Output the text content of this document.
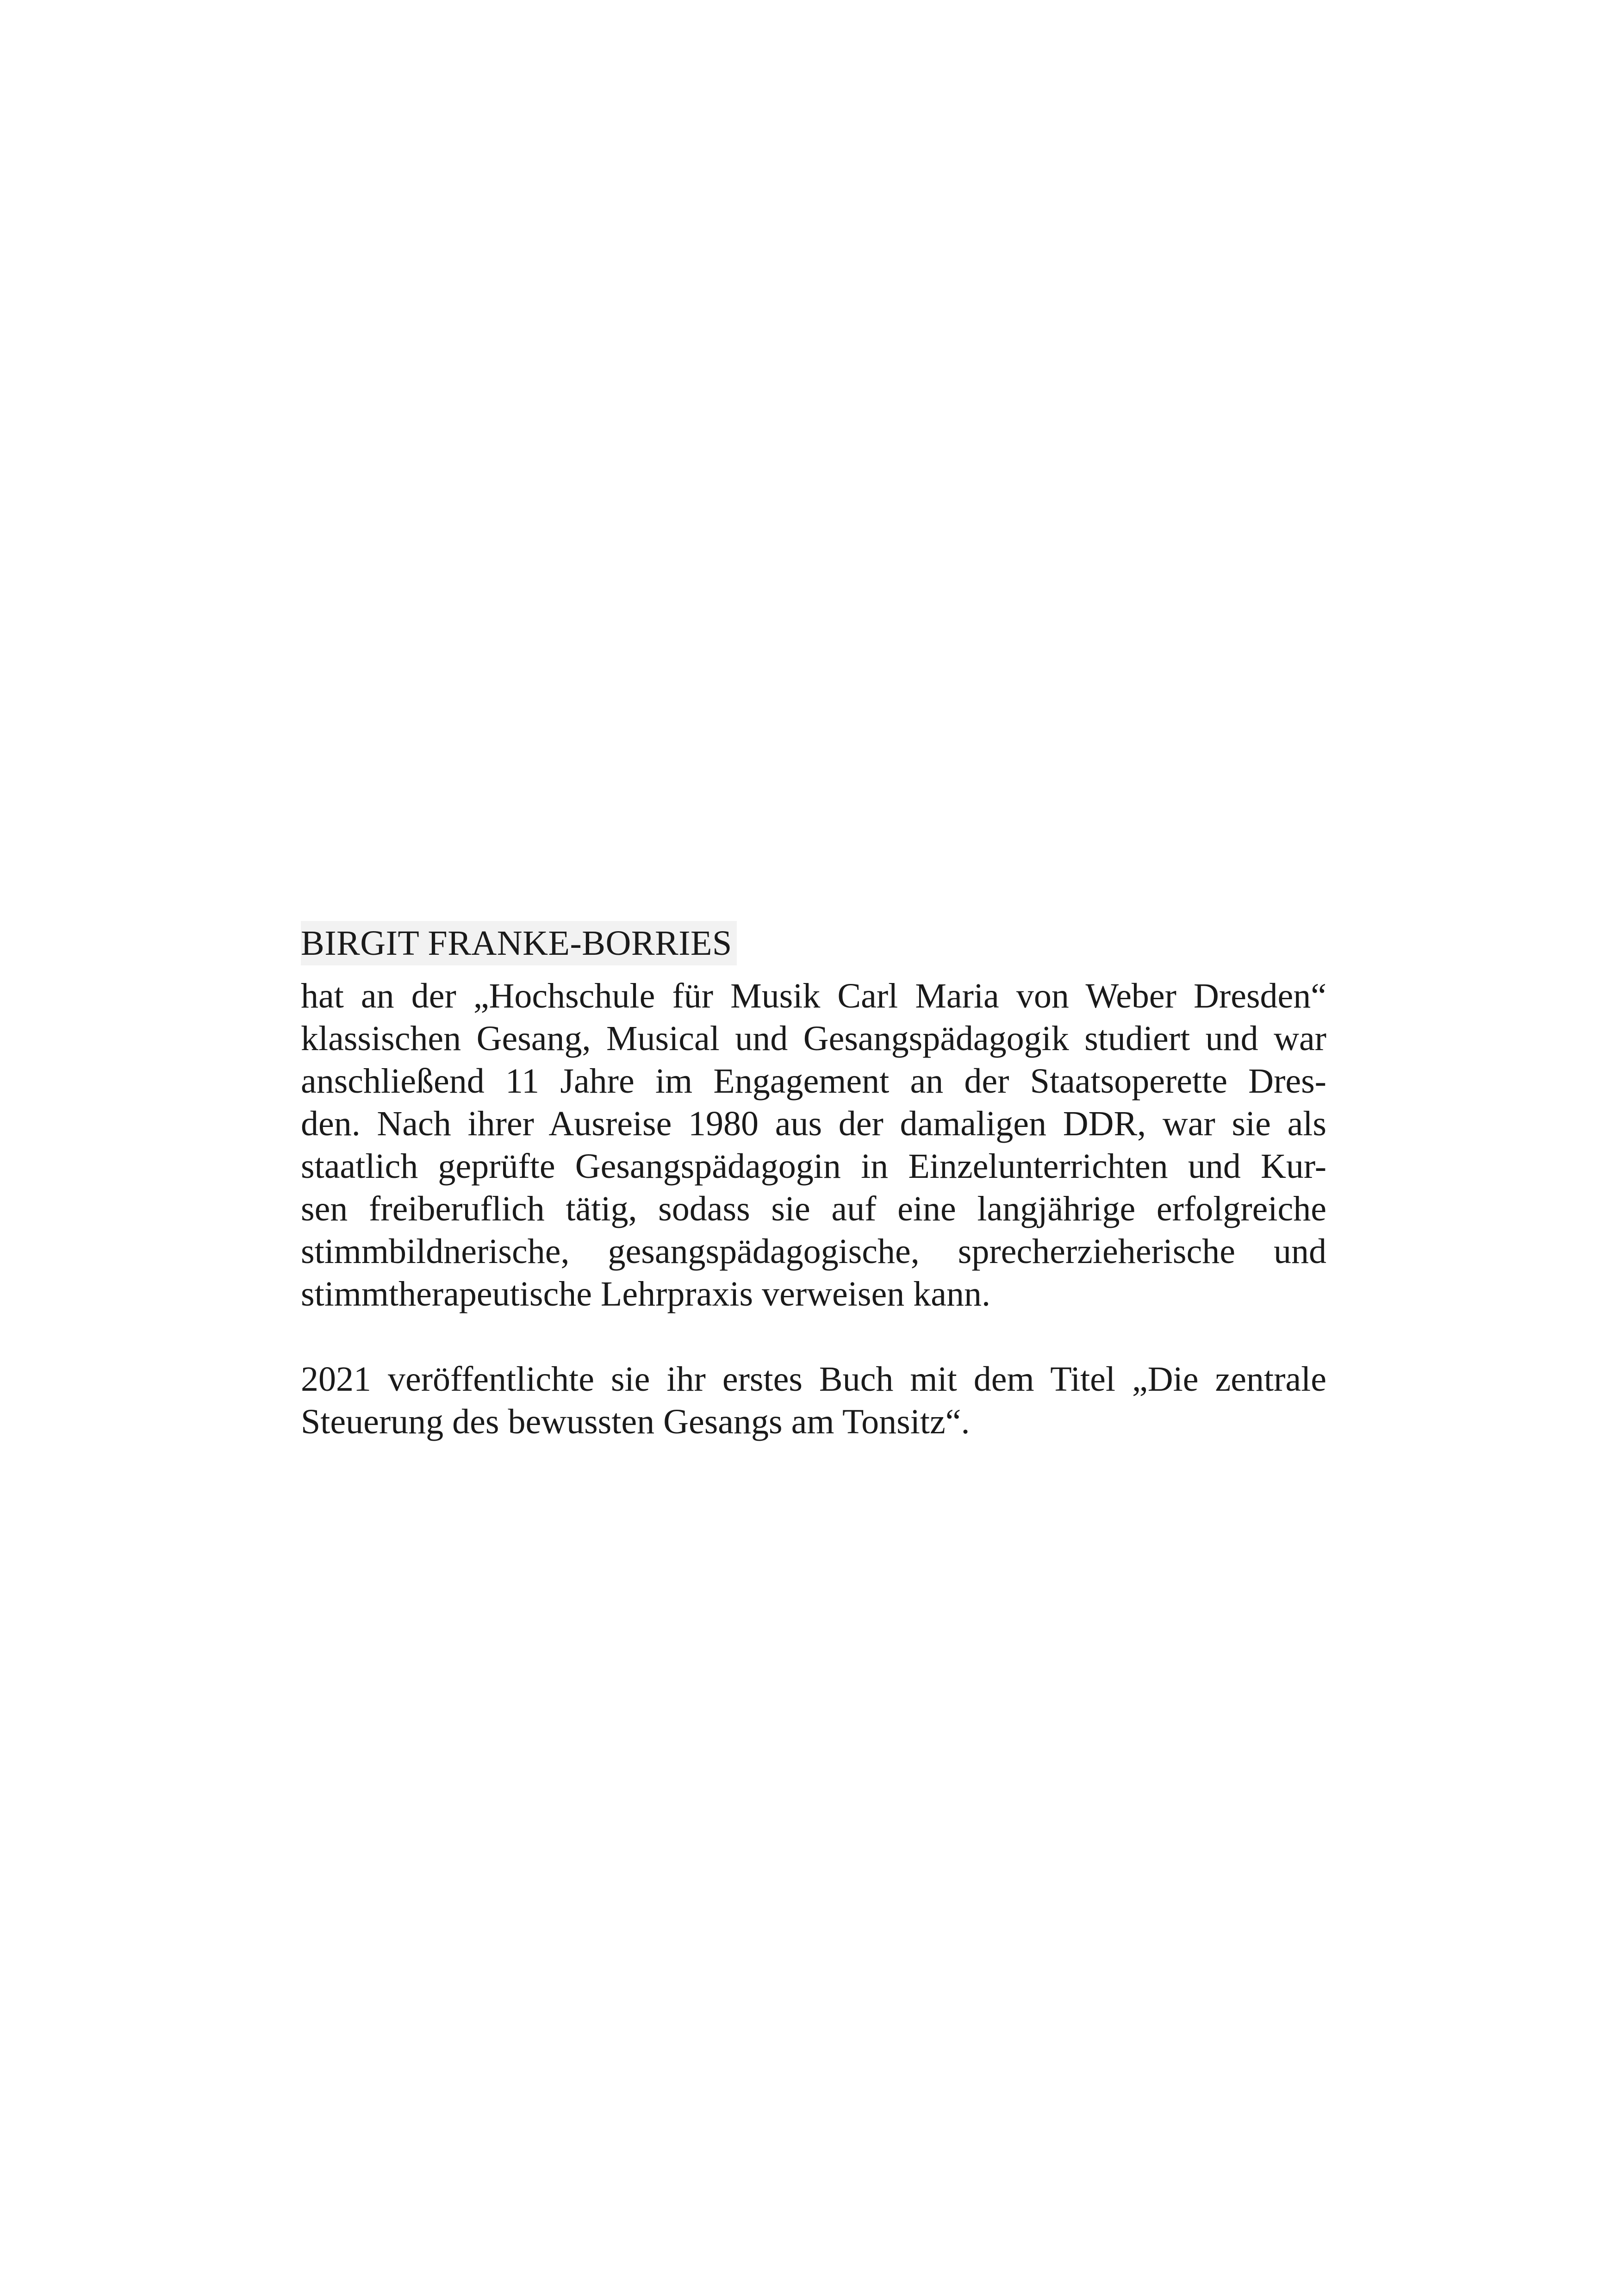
BIRGIT FRANKE-BORRIES
hat an der „Hochschule für Musik Carl Maria von Weber Dresden“
klassischen Gesang, Musical und Gesangspädagogik studiert und war
anschließend 11 Jahre im Engagement an der Staatsoperette Dres-
den. Nach ihrer Ausreise 1980 aus der damaligen DDR, war sie als
staatlich geprüfte Gesangspädagogin in Einzelunterrichten und Kur-
sen freiberuflich tätig, sodass sie auf eine langjährige erfolgreiche
stimmbildnerische, gesangspädagogische, sprecherzieherische und
stimmtherapeutische Lehrpraxis verweisen kann.
2021 veröffentlichte sie ihr erstes Buch mit dem Titel „Die zentrale
Steuerung des bewussten Gesangs am Tonsitz“.
